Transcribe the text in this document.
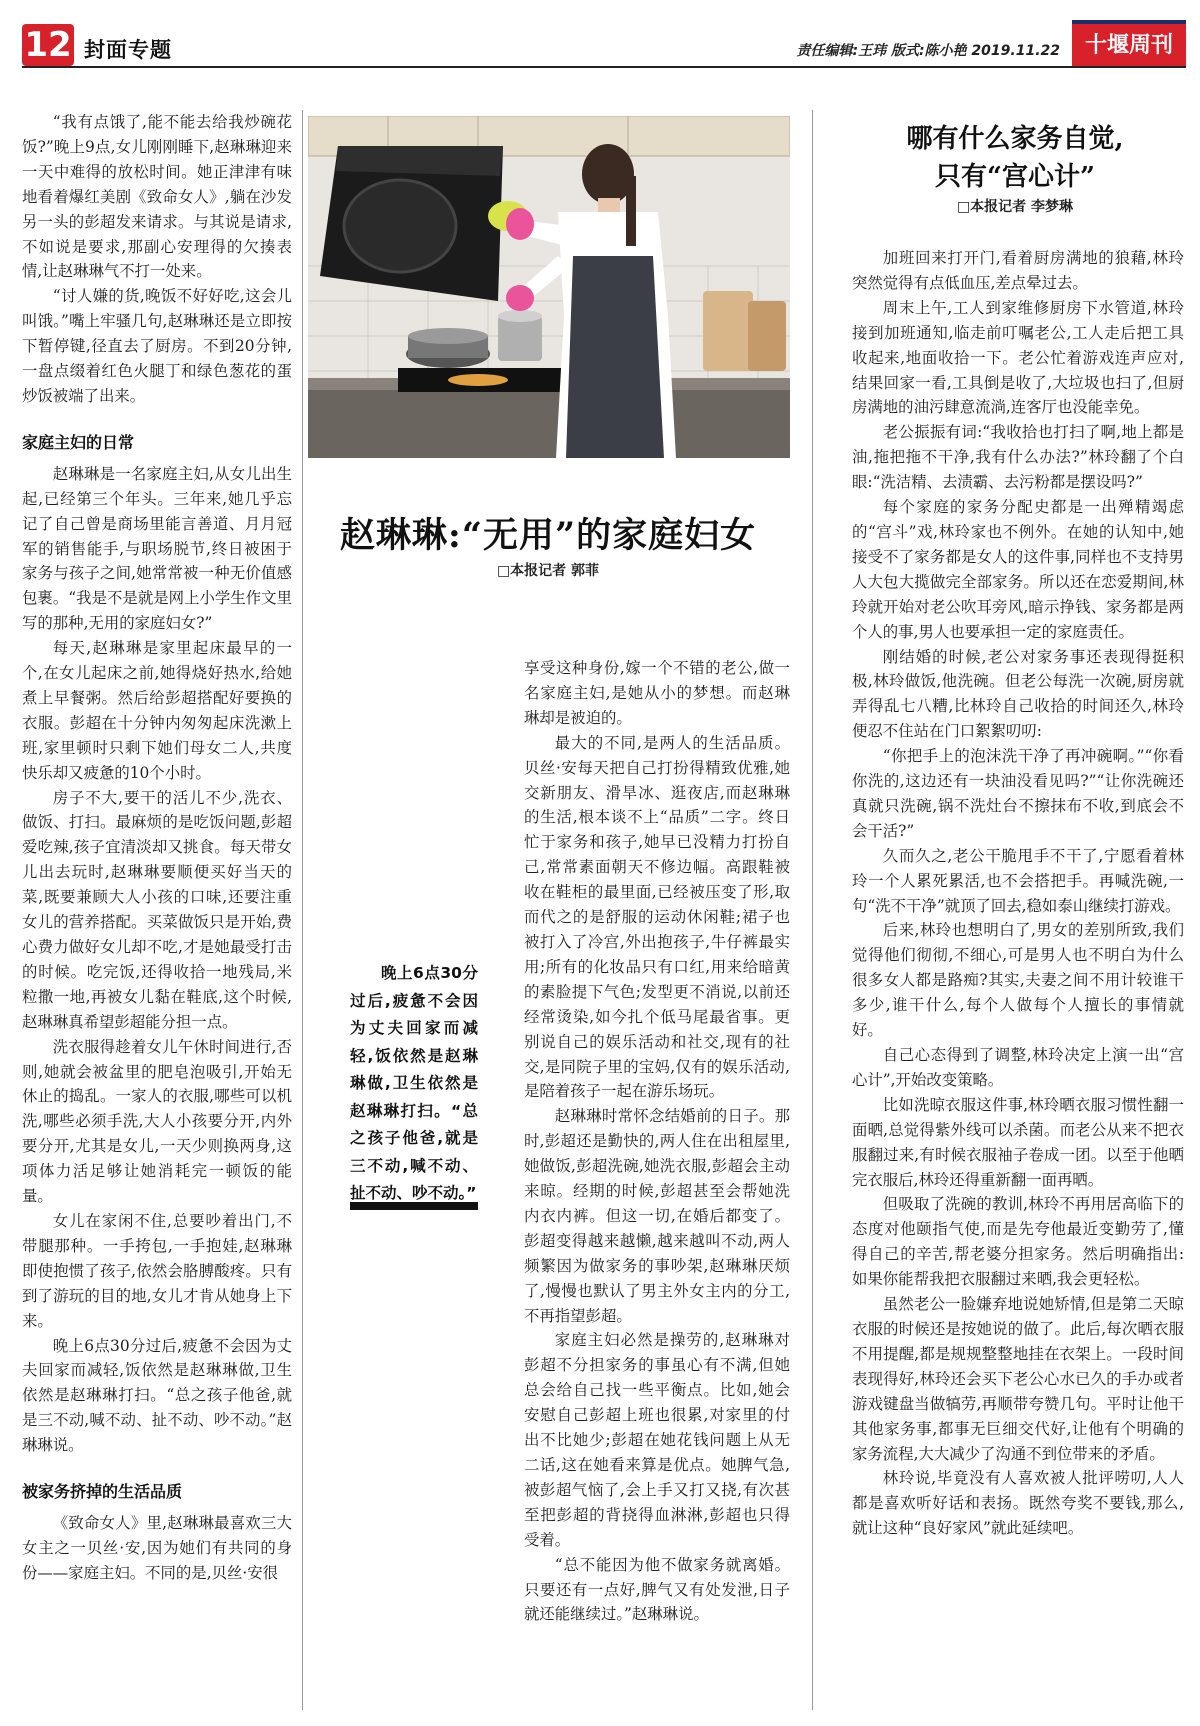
12 封面专题	责任编辑:王玮 版式:陈小艳 2019.11.22	十堰周刊

“我有点饿了,能不能去给我炒碗花饭?”晚上9点,女儿刚刚睡下,赵琳琳迎来一天中难得的放松时间。她正津津有味地看着爆红美剧《致命女人》,躺在沙发另一头的彭超发来请求。与其说是请求,不如说是要求,那副心安理得的欠揍表情,让赵琳琳气不打一处来。

“讨人嫌的货,晚饭不好好吃,这会儿叫饿。”嘴上牢骚几句,赵琳琳还是立即按下暂停键,径直去了厨房。不到20分钟,一盘点缀着红色火腿丁和绿色葱花的蛋炒饭被端了出来。

家庭主妇的日常

赵琳琳是一名家庭主妇,从女儿出生起,已经第三个年头。三年来,她几乎忘记了自己曾是商场里能言善道、月月冠军的销售能手,与职场脱节,终日被困于家务与孩子之间,她常常被一种无价值感包裹。“我是不是就是网上小学生作文里写的那种,无用的家庭妇女?”

每天,赵琳琳是家里起床最早的一个,在女儿起床之前,她得烧好热水,给她煮上早餐粥。然后给彭超搭配好要换的衣服。彭超在十分钟内匆匆起床洗漱上班,家里顿时只剩下她们母女二人,共度快乐却又疲惫的10个小时。

房子不大,要干的活儿不少,洗衣、做饭、打扫。最麻烦的是吃饭问题,彭超爱吃辣,孩子宜清淡却又挑食。每天带女儿出去玩时,赵琳琳要顺便买好当天的菜,既要兼顾大人小孩的口味,还要注重女儿的营养搭配。买菜做饭只是开始,费心费力做好女儿却不吃,才是她最受打击的时候。吃完饭,还得收拾一地残局,米粒撒一地,再被女儿黏在鞋底,这个时候,赵琳琳真希望彭超能分担一点。

洗衣服得趁着女儿午休时间进行,否则,她就会被盆里的肥皂泡吸引,开始无休止的捣乱。一家人的衣服,哪些可以机洗,哪些必须手洗,大人小孩要分开,内外要分开,尤其是女儿,一天少则换两身,这项体力活足够让她消耗完一顿饭的能量。

女儿在家闲不住,总要吵着出门,不带腿那种。一手挎包,一手抱娃,赵琳琳即使抱惯了孩子,依然会胳膊酸疼。只有到了游玩的目的地,女儿才肯从她身上下来。

晚上6点30分过后,疲惫不会因为丈夫回家而减轻,饭依然是赵琳琳做,卫生依然是赵琳琳打扫。“总之孩子他爸,就是三不动,喊不动、扯不动、吵不动。”赵琳琳说。

被家务挤掉的生活品质

《致命女人》里,赵琳琳最喜欢三大女主之一贝丝·安,因为她们有共同的身份——家庭主妇。不同的是,贝丝·安很

赵琳琳:“无用”的家庭妇女
□本报记者 郭菲

晚上6点30分过后,疲惫不会因为丈夫回家而减轻,饭依然是赵琳琳做,卫生依然是赵琳琳打扫。“总之孩子他爸,就是三不动,喊不动、扯不动、吵不动。”

享受这种身份,嫁一个不错的老公,做一名家庭主妇,是她从小的梦想。而赵琳琳却是被迫的。

最大的不同,是两人的生活品质。贝丝·安每天把自己打扮得精致优雅,她交新朋友、滑旱冰、逛夜店,而赵琳琳的生活,根本谈不上“品质”二字。终日忙于家务和孩子,她早已没精力打扮自己,常常素面朝天不修边幅。高跟鞋被收在鞋柜的最里面,已经被压变了形,取而代之的是舒服的运动休闲鞋;裙子也被打入了冷宫,外出抱孩子,牛仔裤最实用;所有的化妆品只有口红,用来给暗黄的素脸提下气色;发型更不消说,以前还经常烫染,如今扎个低马尾最省事。更别说自己的娱乐活动和社交,现有的社交,是同院子里的宝妈,仅有的娱乐活动,是陪着孩子一起在游乐场玩。

赵琳琳时常怀念结婚前的日子。那时,彭超还是勤快的,两人住在出租屋里,她做饭,彭超洗碗,她洗衣服,彭超会主动来晾。经期的时候,彭超甚至会帮她洗内衣内裤。但这一切,在婚后都变了。彭超变得越来越懒,越来越叫不动,两人频繁因为做家务的事吵架,赵琳琳厌烦了,慢慢也默认了男主外女主内的分工,不再指望彭超。

家庭主妇必然是操劳的,赵琳琳对彭超不分担家务的事虽心有不满,但她总会给自己找一些平衡点。比如,她会安慰自己彭超上班也很累,对家里的付出不比她少;彭超在她花钱问题上从无二话,这在她看来算是优点。她脾气急,被彭超气恼了,会上手又打又挠,有次甚至把彭超的背挠得血淋淋,彭超也只得受着。

“总不能因为他不做家务就离婚。只要还有一点好,脾气又有处发泄,日子就还能继续过。”赵琳琳说。

哪有什么家务自觉,
只有“宫心计”
□本报记者 李梦琳

加班回来打开门,看着厨房满地的狼藉,林玲突然觉得有点低血压,差点晕过去。

周末上午,工人到家维修厨房下水管道,林玲接到加班通知,临走前叮嘱老公,工人走后把工具收起来,地面收拾一下。老公忙着游戏连声应对,结果回家一看,工具倒是收了,大垃圾也扫了,但厨房满地的油污肆意流淌,连客厅也没能幸免。

老公振振有词:“我收拾也打扫了啊,地上都是油,拖把拖不干净,我有什么办法?”林玲翻了个白眼:“洗洁精、去渍霸、去污粉都是摆设吗?”

每个家庭的家务分配史都是一出殚精竭虑的“宫斗”戏,林玲家也不例外。在她的认知中,她接受不了家务都是女人的这件事,同样也不支持男人大包大揽做完全部家务。所以还在恋爱期间,林玲就开始对老公吹耳旁风,暗示挣钱、家务都是两个人的事,男人也要承担一定的家庭责任。

刚结婚的时候,老公对家务事还表现得挺积极,林玲做饭,他洗碗。但老公每洗一次碗,厨房就弄得乱七八糟,比林玲自己收拾的时间还久,林玲便忍不住站在门口絮絮叨叨:

“你把手上的泡沫洗干净了再冲碗啊。”“你看你洗的,这边还有一块油没看见吗?”“让你洗碗还真就只洗碗,锅不洗灶台不擦抹布不收,到底会不会干活?”

久而久之,老公干脆甩手不干了,宁愿看着林玲一个人累死累活,也不会搭把手。再喊洗碗,一句“洗不干净”就顶了回去,稳如泰山继续打游戏。

后来,林玲也想明白了,男女的差别所致,我们觉得他们彻彻,不细心,可是男人也不明白为什么很多女人都是路痴?其实,夫妻之间不用计较谁干多少,谁干什么,每个人做每个人擅长的事情就好。

自己心态得到了调整,林玲决定上演一出“宫心计”,开始改变策略。

比如洗晾衣服这件事,林玲晒衣服习惯性翻一面晒,总觉得紫外线可以杀菌。而老公从来不把衣服翻过来,有时候衣服袖子卷成一团。以至于他晒完衣服后,林玲还得重新翻一面再晒。

但吸取了洗碗的教训,林玲不再用居高临下的态度对他颐指气使,而是先夸他最近变勤劳了,懂得自己的辛苦,帮老婆分担家务。然后明确指出:如果你能帮我把衣服翻过来晒,我会更轻松。

虽然老公一脸嫌弃地说她矫情,但是第二天晾衣服的时候还是按她说的做了。此后,每次晒衣服不用提醒,都是规规整整地挂在衣架上。一段时间表现得好,林玲还会买下老公心水已久的手办或者游戏键盘当做犒劳,再顺带夸赞几句。平时让他干其他家务事,都事无巨细交代好,让他有个明确的家务流程,大大减少了沟通不到位带来的矛盾。

林玲说,毕竟没有人喜欢被人批评唠叨,人人都是喜欢听好话和表扬。既然夸奖不要钱,那么,就让这种“良好家风”就此延续吧。
